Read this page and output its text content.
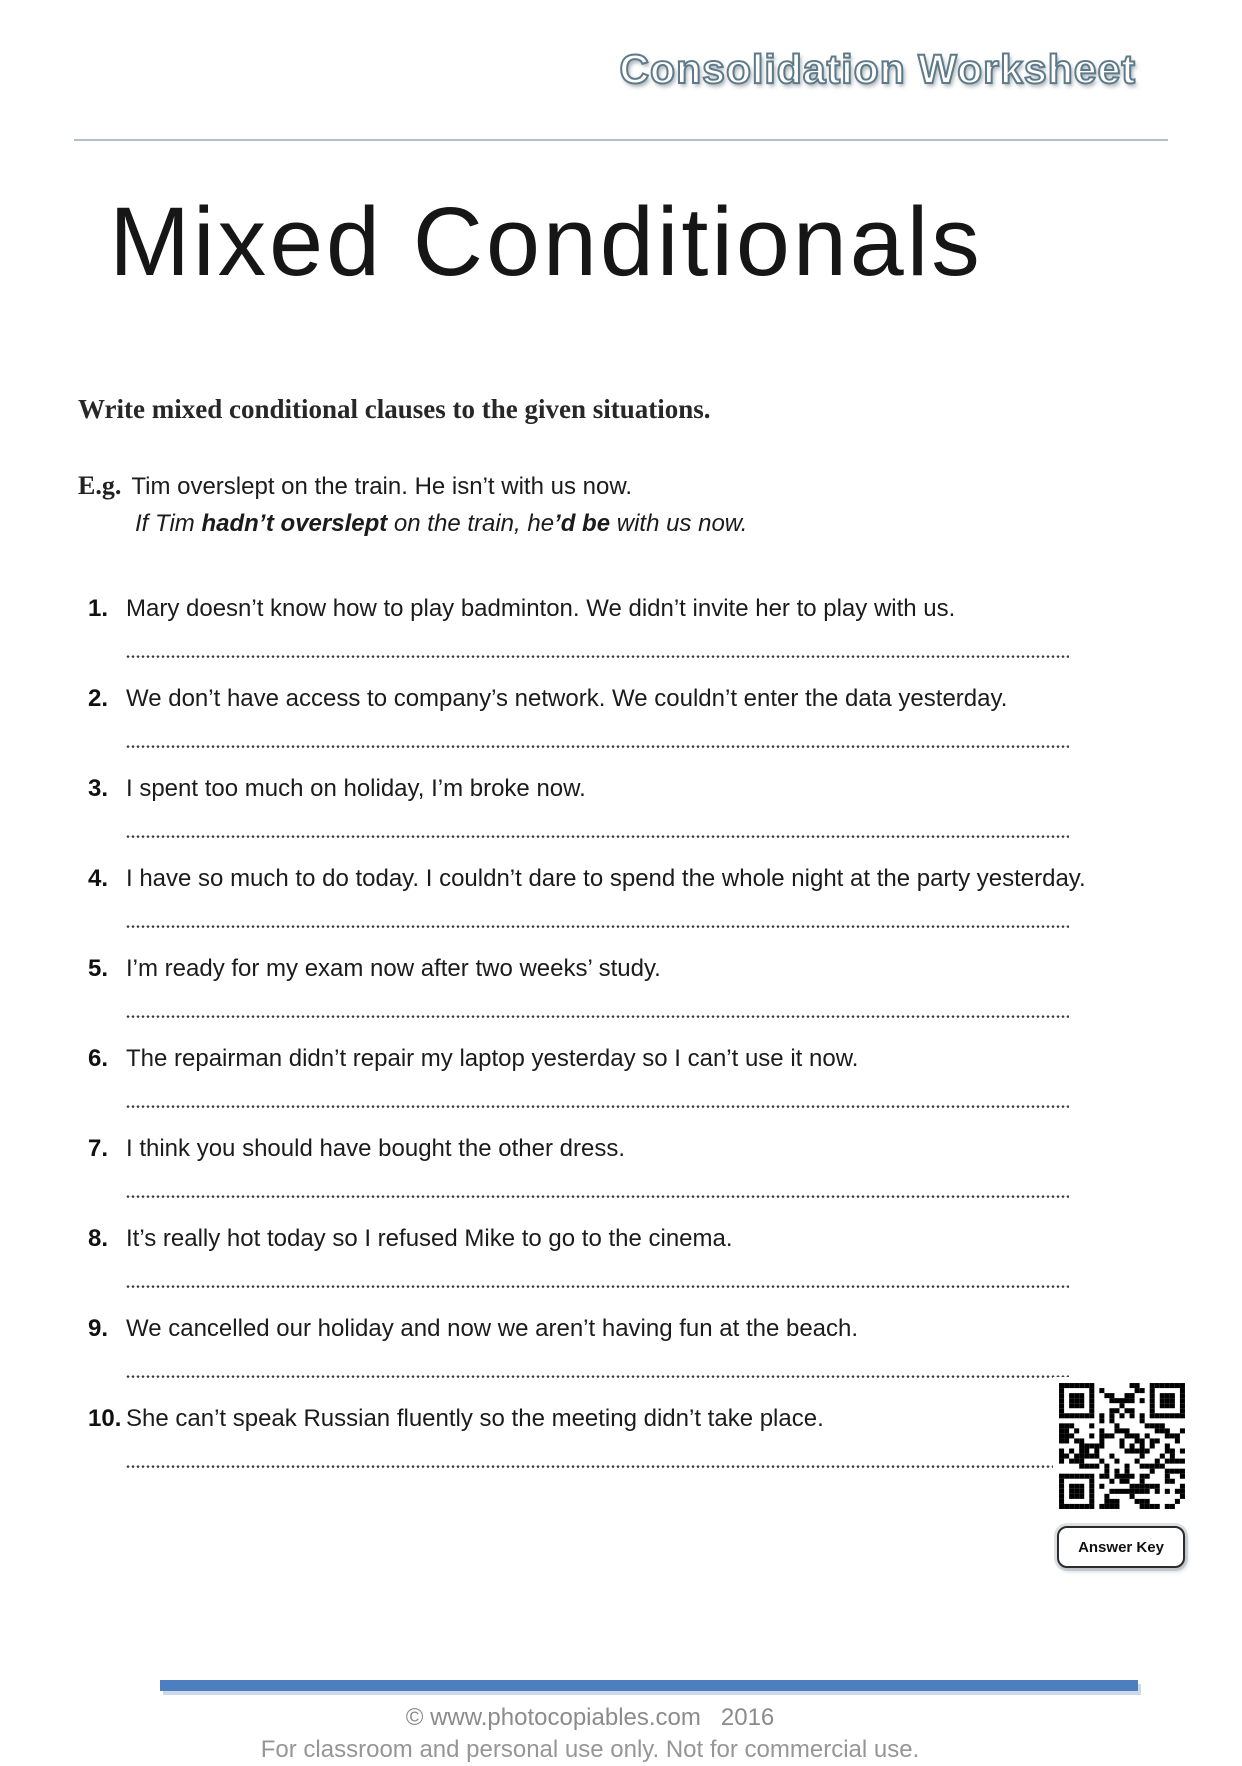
Consolidation Worksheet
Mixed Conditionals
Write mixed conditional clauses to the given situations.
E.g. Tim overslept on the train. He isn’t with us now.
If Tim hadn’t overslept on the train, he’d be with us now.
1. Mary doesn’t know how to play badminton. We didn’t invite her to play with us.
2. We don’t have access to company’s network. We couldn’t enter the data yesterday.
3. I spent too much on holiday, I’m broke now.
4. I have so much to do today. I couldn’t dare to spend the whole night at the party yesterday.
5. I’m ready for my exam now after two weeks’ study.
6. The repairman didn’t repair my laptop yesterday so I can’t use it now.
7. I think you should have bought the other dress.
8. It’s really hot today so I refused Mike to go to the cinema.
9. We cancelled our holiday and now we aren’t having fun at the beach.
10. She can’t speak Russian fluently so the meeting didn’t take place.
Answer Key
© www.photocopiables.com   2016
For classroom and personal use only. Not for commercial use.
